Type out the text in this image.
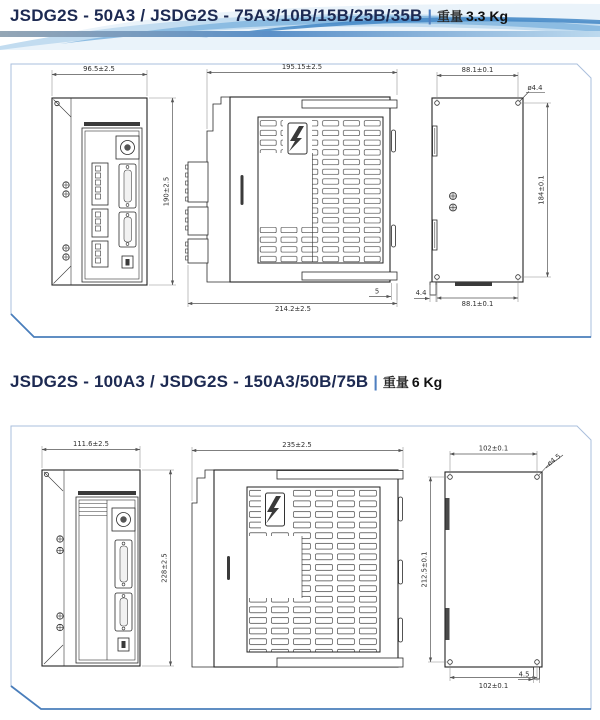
JSDG2S - 50A3 / JSDG2S - 75A3/10B/15B/25B/35B | 重量 3.3 Kg
96.5±2.5
190±2.5
195.15±2.5
214.2±2.5
5
ø4.4
88.1±0.1
184±0.1
88.1±0.1
4.4
JSDG2S - 100A3 / JSDG2S - 150A3/50B/75B | 重量 6 Kg
111.6±2.5
228±2.5
235±2.5
ø4.5
102±0.1
212.5±0.1
102±0.1
4.5
